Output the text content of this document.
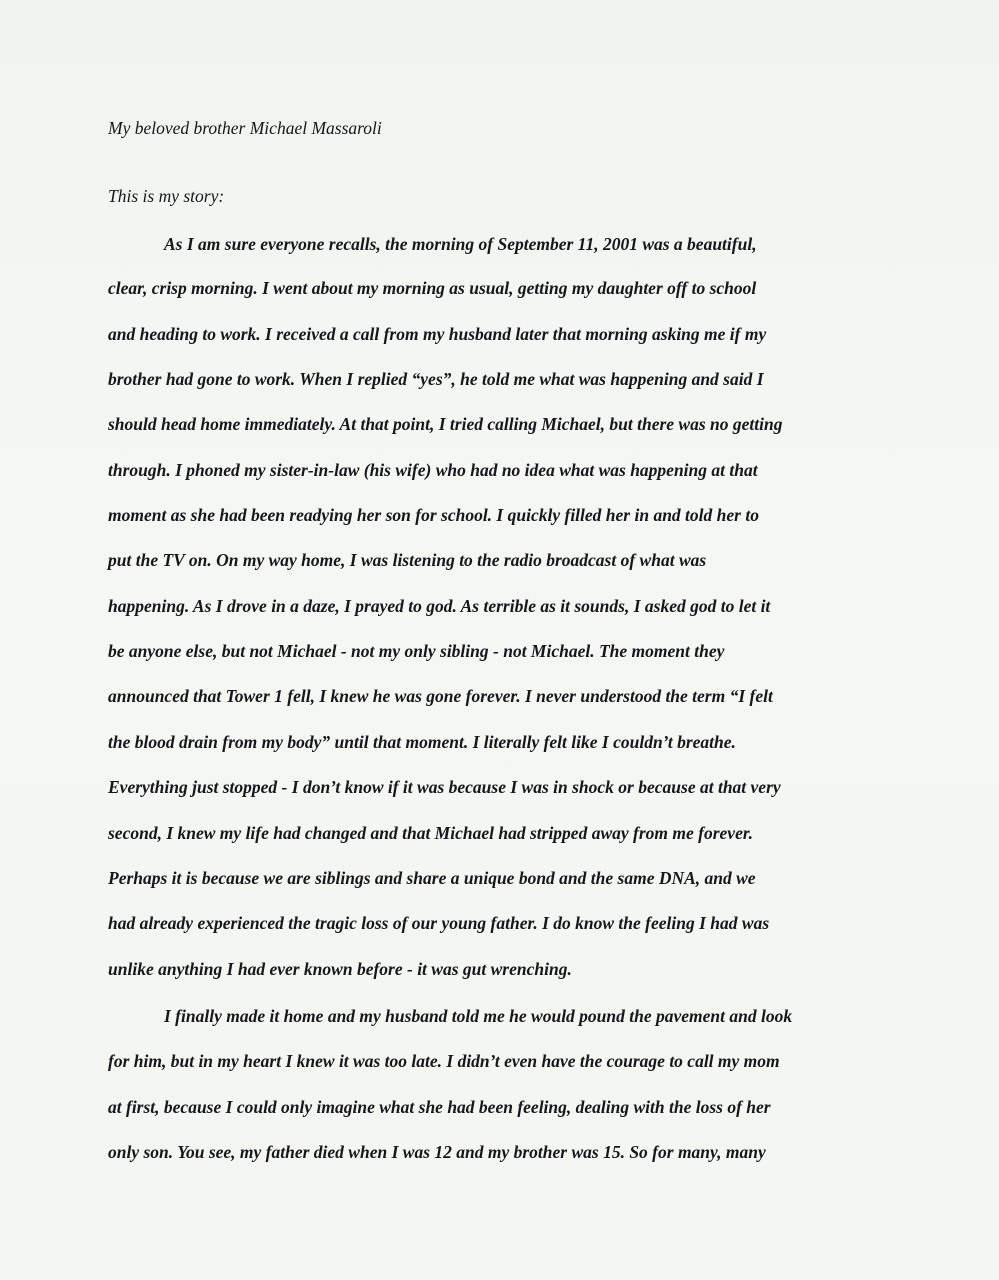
My beloved brother Michael Massaroli
This is my story:
As I am sure everyone recalls, the morning of September 11, 2001 was a beautiful,
clear, crisp morning. I went about my morning as usual, getting my daughter off to school
and heading to work. I received a call from my husband later that morning asking me if my
brother had gone to work. When I replied “yes”, he told me what was happening and said I
should head home immediately. At that point, I tried calling Michael, but there was no getting
through. I phoned my sister-in-law (his wife) who had no idea what was happening at that
moment as she had been readying her son for school. I quickly filled her in and told her to
put the TV on. On my way home, I was listening to the radio broadcast of what was
happening. As I drove in a daze, I prayed to god. As terrible as it sounds, I asked god to let it
be anyone else, but not Michael - not my only sibling - not Michael. The moment they
announced that Tower 1 fell, I knew he was gone forever. I never understood the term “I felt
the blood drain from my body” until that moment. I literally felt like I couldn’t breathe.
Everything just stopped - I don’t know if it was because I was in shock or because at that very
second, I knew my life had changed and that Michael had stripped away from me forever.
Perhaps it is because we are siblings and share a unique bond and the same DNA, and we
had already experienced the tragic loss of our young father. I do know the feeling I had was
unlike anything I had ever known before - it was gut wrenching.
I finally made it home and my husband told me he would pound the pavement and look
for him, but in my heart I knew it was too late. I didn’t even have the courage to call my mom
at first, because I could only imagine what she had been feeling, dealing with the loss of her
only son. You see, my father died when I was 12 and my brother was 15. So for many, many
